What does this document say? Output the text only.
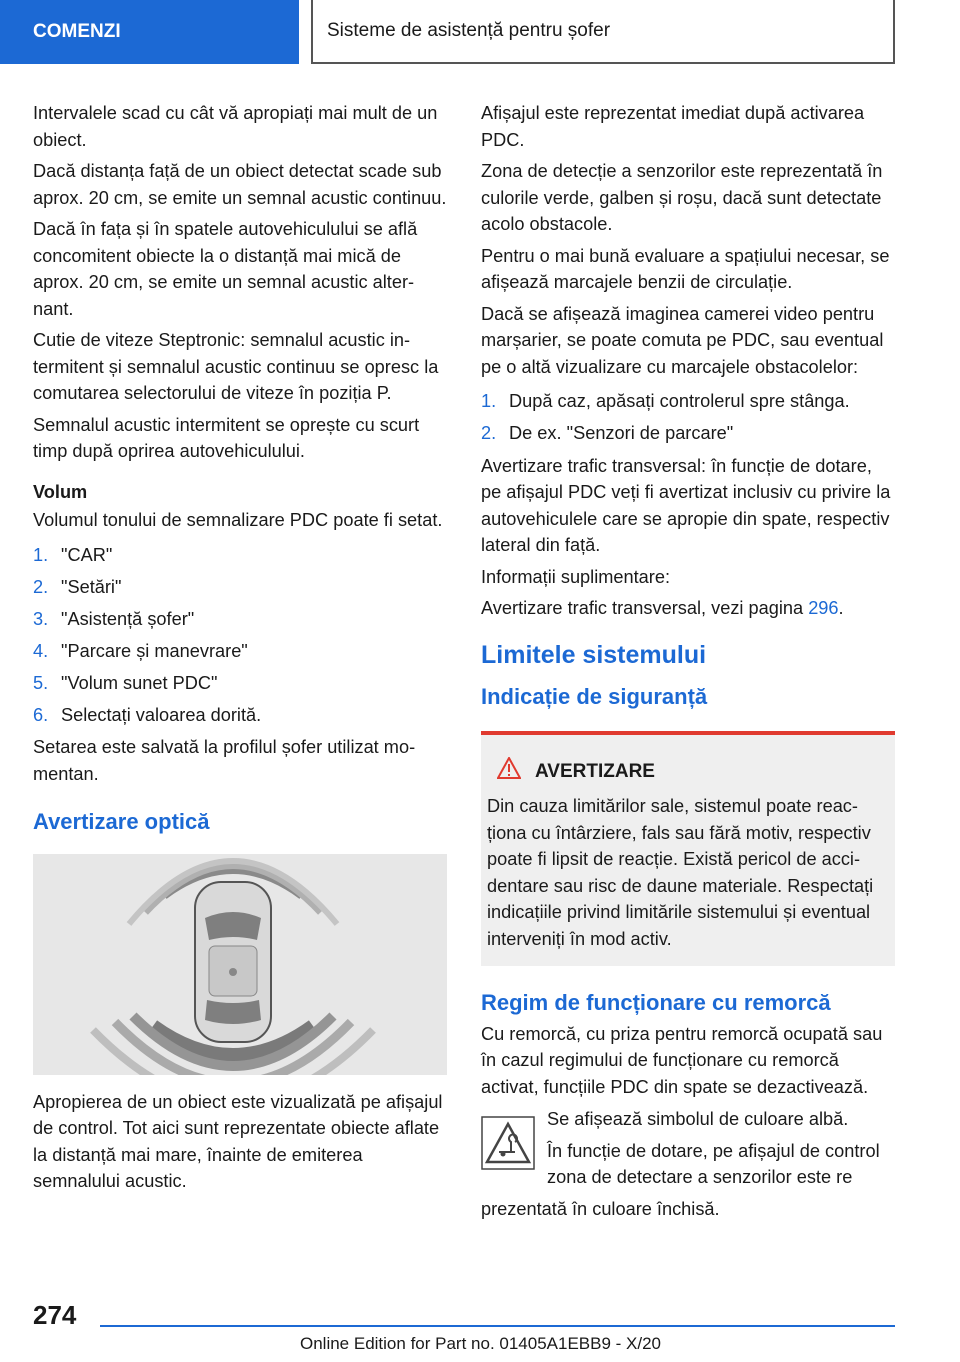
COMENZI	Sisteme de asistență pentru șofer

Intervalele scad cu cât vă apropiați mai mult de un obiect.

Dacă distanța față de un obiect detectat scade sub aprox. 20 cm, se emite un semnal acustic continuu.

Dacă în fața și în spatele autovehiculului se află concomitent obiecte la o distanță mai mică de aprox. 20 cm, se emite un semnal acustic alternant.

Cutie de viteze Steptronic: semnalul acustic intermitent și semnalul acustic continuu se opresc la comutarea selectorului de viteze în poziția P.

Semnalul acustic intermitent se oprește cu scurt timp după oprirea autovehiculului.

Volum

Volumul tonului de semnalizare PDC poate fi setat.

1. "CAR"
2. "Setări"
3. "Asistență șofer"
4. "Parcare și manevrare"
5. "Volum sunet PDC"
6. Selectați valoarea dorită.

Setarea este salvată la profilul șofer utilizat momentan.

Avertizare optică

Apropierea de un obiect este vizualizată pe afișajul de control. Tot aici sunt reprezentate obiecte aflate la distanță mai mare, înainte de emiterea semnalului acustic.

Afișajul este reprezentat imediat după activarea PDC.

Zona de detecție a senzorilor este reprezentată în culorile verde, galben și roșu, dacă sunt detectate acolo obstacole.

Pentru o mai bună evaluare a spațiului necesar, se afișează marcajele benzii de circulație.

Dacă se afișează imaginea camerei video pentru marșarier, se poate comuta pe PDC, sau eventual pe o altă vizualizare cu marcajele obstacolelor:

1. După caz, apăsați controlerul spre stânga.
2. De ex. "Senzori de parcare"

Avertizare trafic transversal: în funcție de dotare, pe afișajul PDC veți fi avertizat inclusiv cu privire la autovehiculele care se apropie din spate, respectiv lateral din față.

Informații suplimentare:

Avertizare trafic transversal, vezi pagina 296.

Limitele sistemului
Indicație de siguranță
AVERTIZARE
Din cauza limitărilor sale, sistemul poate reacționa cu întârziere, fals sau fără motiv, respectiv poate fi lipsit de reacție. Există pericol de accidentare sau risc de daune materiale. Respectați indicațiile privind limitările sistemului și eventual interveniți în mod activ.
Regim de funcționare cu remorcă

Cu remorcă, cu priza pentru remorcă ocupată sau în cazul regimului de funcționare cu remorcă activat, funcțiile PDC din spate se dezactivează.

Se afișează simbolul de culoare albă.

În funcție de dotare, pe afișajul de control zona de detectare a senzorilor este re

prezentată în culoare închisă.

274
Online Edition for Part no. 01405A1EBB9 - X/20
